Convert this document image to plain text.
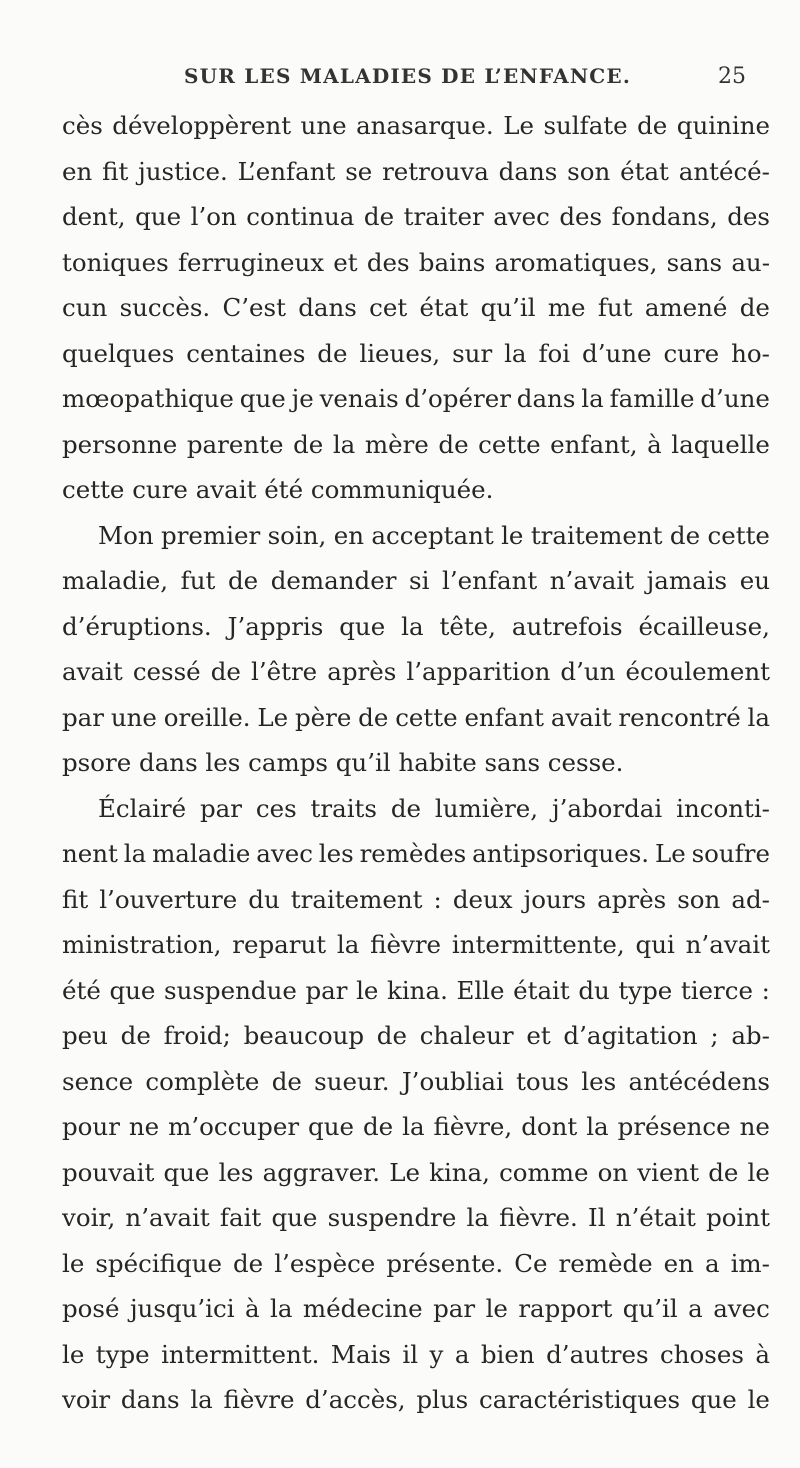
SUR LES MALADIES DE L’ENFANCE.	25
cès développèrent une anasarque. Le sulfate de quinine
en fit justice. L’enfant se retrouva dans son état antécé-
dent, que l’on continua de traiter avec des fondans, des
toniques ferrugineux et des bains aromatiques, sans au-
cun succès. C’est dans cet état qu’il me fut amené de
quelques centaines de lieues, sur la foi d’une cure ho-
mœopathique que je venais d’opérer dans la famille d’une
personne parente de la mère de cette enfant, à laquelle
cette cure avait été communiquée.
Mon premier soin, en acceptant le traitement de cette
maladie, fut de demander si l’enfant n’avait jamais eu
d’éruptions. J’appris que la tête, autrefois écailleuse,
avait cessé de l’être après l’apparition d’un écoulement
par une oreille. Le père de cette enfant avait rencontré la
psore dans les camps qu’il habite sans cesse.
Éclairé par ces traits de lumière, j’abordai inconti-
nent la maladie avec les remèdes antipsoriques. Le soufre
fit l’ouverture du traitement : deux jours après son ad-
ministration, reparut la fièvre intermittente, qui n’avait
été que suspendue par le kina. Elle était du type tierce :
peu de froid; beaucoup de chaleur et d’agitation ; ab-
sence complète de sueur. J’oubliai tous les antécédens
pour ne m’occuper que de la fièvre, dont la présence ne
pouvait que les aggraver. Le kina, comme on vient de le
voir, n’avait fait que suspendre la fièvre. Il n’était point
le spécifique de l’espèce présente. Ce remède en a im-
posé jusqu’ici à la médecine par le rapport qu’il a avec
le type intermittent. Mais il y a bien d’autres choses à
voir dans la fièvre d’accès, plus caractéristiques que le
